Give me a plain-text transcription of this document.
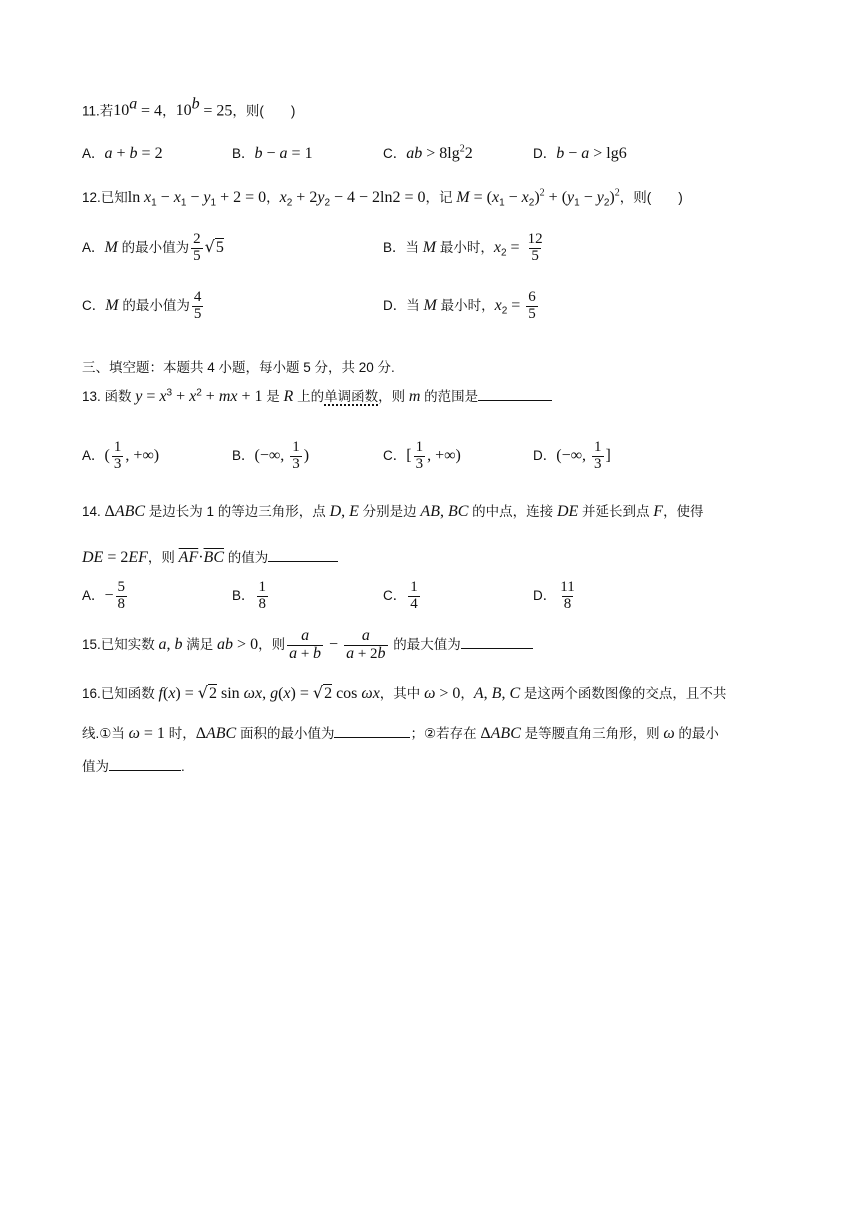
11.若$10^a = 4$，$10^b = 25$，则(　　)
A．a + b = 2	B．b − a = 1	C．ab > $8\lg^22$	D．b − a > lg6
12.已知$\ln x_1 - x_1 - y_1 + 2 = 0$，$x_2 + 2y_2 - 4 - 2\ln 2 = 0$，记 $M = (x_1 - x_2)^2 + (y_1 - y_2)^2$，则(　　)
A．M 的最小值为 $\frac{2}{5} √5$	B．当 M 最小时，$x_2 = \frac{12}{5}$
C．M 的最小值为 $\frac{4}{5}$	D．当 M 最小时，$x_2 = \frac{6}{5}$
三、填空题：本题共 4 小题，每小题 5 分，共 20 分.
13. 函数 $y = x^3 + x^2$ + mx + 1 是 R 上的单调函数，则 m 的范围是
A．( $\frac{1}{3}$ , +∞)	B．(−∞, $\frac{1}{3}$ )	C．[ $\frac{1}{3}$ , +∞)	D．(−∞, $\frac{1}{3}$ ]
14. ΔABC 是边长为 1 的等边三角形，点 D, E 分别是边 AB, BC 的中点，连接 DE 并延长到点 F，使得
DE = 2EF，则 $\overline{AF}\cdot\overline{BC}$ 的值为
A．− $\frac{5}{8}$	B． $\frac{1}{8}$	C． $\frac{1}{4}$	D． $\frac{11}{8}$
15.已知实数 a, b 满足 ab > 0，则 $\frac{a}{a + b} - \frac{a}{a + 2b}$ 的最大值为
16.已知函数 f(x) = √2 sin ωx, g(x) = √2 cos ωx，其中 ω > 0，A, B, C 是这两个函数图像的交点，且不共
线.①当 ω = 1 时，ΔABC 面积的最小值为	；②若存在 ΔABC 是等腰直角三角形，则 ω 的最小
值为	.
